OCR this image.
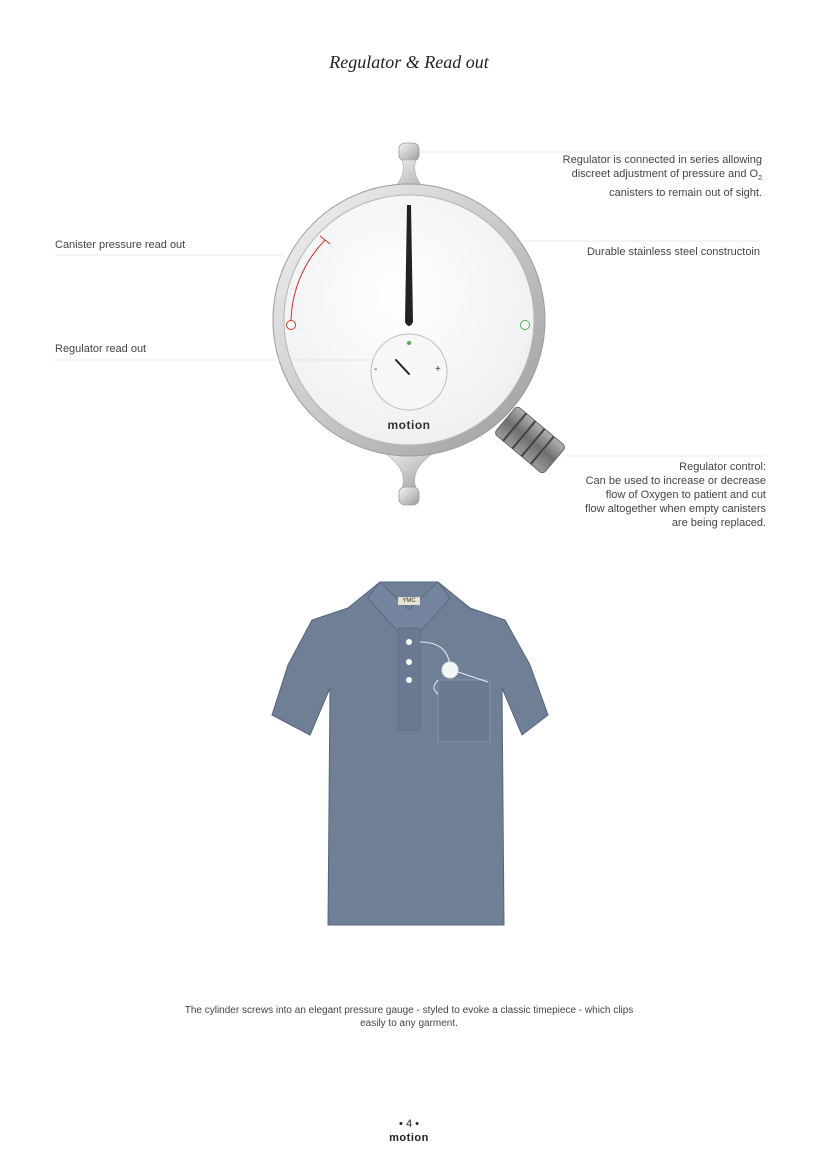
Regulator & Read out
-	+
motion
Regulator is connected in series allowing
discreet adjustment of pressure and $O_2$
canisters to remain out of sight.
Canister pressure read out
Durable stainless steel constructoin
Regulator read out
Regulator control:
Can be used to increase or decrease
flow of Oxygen to patient and cut
flow altogether when empty canisters
are being replaced.
YMC
The cylinder screws into an elegant pressure gauge - styled to evoke a classic timepiece - which clips
easily to any garment.
• 4 •
motion
